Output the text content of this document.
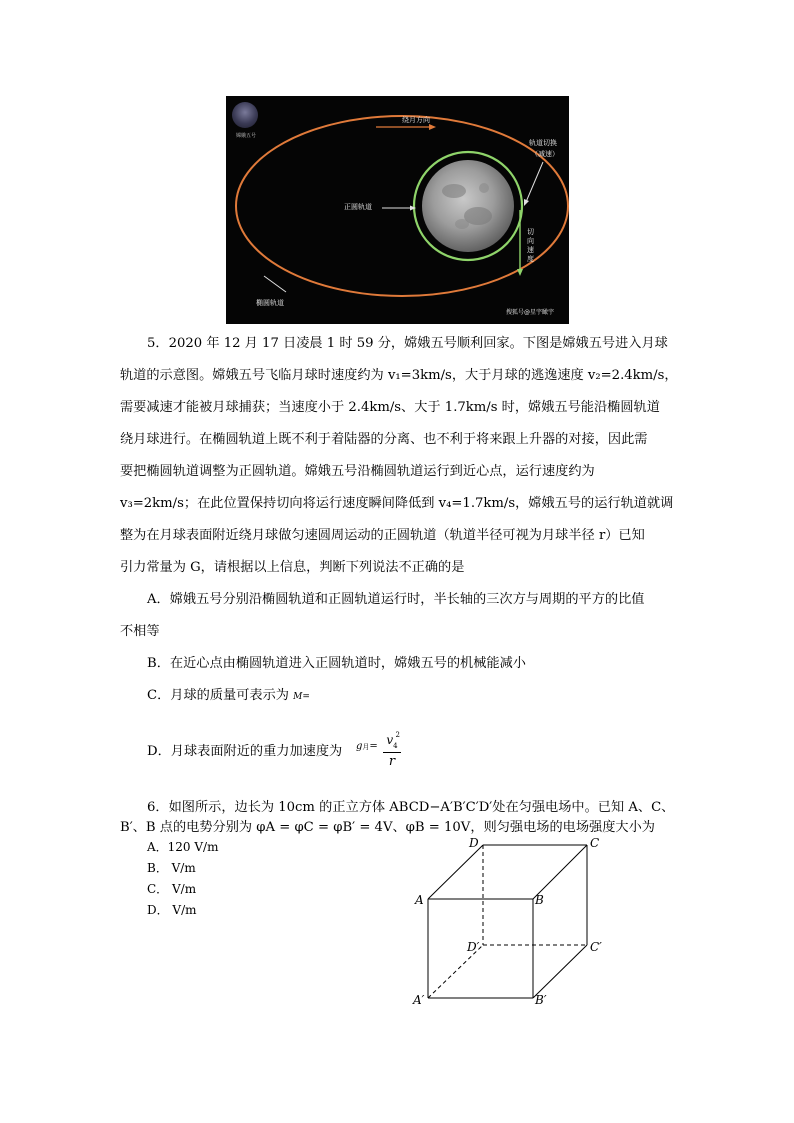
嫦娥五号
绕月方向
轨道切换
（减速）
正圆轨道
切向速度
椭圆轨道
搜狐号@星宇瞰宇
5．2020 年 12 月 17 日凌晨 1 时 59 分，嫦娥五号顺利回家。下图是嫦娥五号进入月球
轨道的示意图。嫦娥五号飞临月球时速度约为 v₁=3km/s，大于月球的逃逸速度 v₂=2.4km/s，
需要减速才能被月球捕获；当速度小于 2.4km/s、大于 1.7km/s 时，嫦娥五号能沿椭圆轨道
绕月球进行。在椭圆轨道上既不利于着陆器的分离、也不利于将来跟上升器的对接，因此需
要把椭圆轨道调整为正圆轨道。嫦娥五号沿椭圆轨道运行到近心点，运行速度约为
v₃=2km/s；在此位置保持切向将运行速度瞬间降低到 v₄=1.7km/s，嫦娥五号的运行轨道就调
整为在月球表面附近绕月球做匀速圆周运动的正圆轨道（轨道半径可视为月球半径 r）已知
引力常量为 G，请根据以上信息，判断下列说法不正确的是
A．嫦娥五号分别沿椭圆轨道和正圆轨道运行时，半长轴的三次方与周期的平方的比值
不相等
B．在近心点由椭圆轨道进入正圆轨道时，嫦娥五号的机械能减小
C．月球的质量可表示为 M=
D．月球表面附近的重力加速度为 g月= $v_4$
2
r
6．如图所示，边长为 10cm 的正立方体 ABCD−A′B′C′D′处在匀强电场中。已知 A、C、
B′、B 点的电势分别为 φA = φC = φB′ = 4V、φB = 10V，则匀强电场的电场强度大小为
A．120 V/m
B． V/m
C． V/m
D． V/m
D	C
A	B
D′	C′
A′	B′
